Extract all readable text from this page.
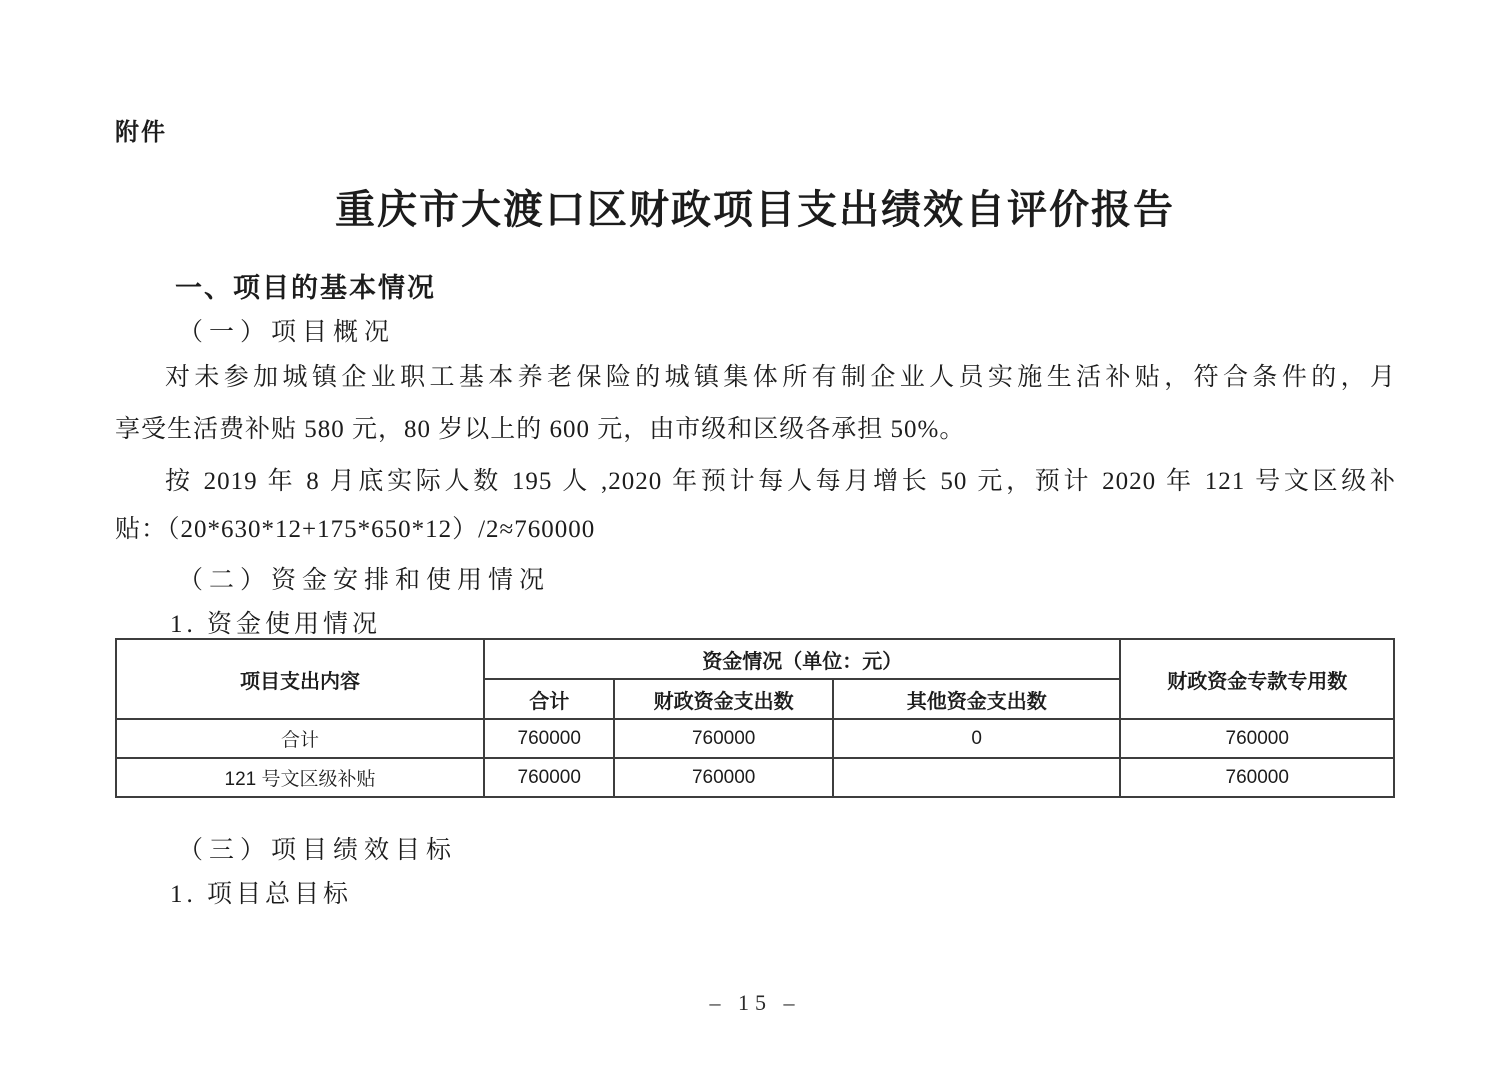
附件
重庆市大渡口区财政项目支出绩效自评价报告
一、项目的基本情况
（一）项目概况
对未参加城镇企业职工基本养老保险的城镇集体所有制企业人员实施生活补贴，符合条件的，月
享受生活费补贴 580 元，80 岁以上的 600 元，由市级和区级各承担 50%。
按 2019 年 8 月底实际人数 195 人 ,2020 年预计每人每月增长 50 元，预计 2020 年 121 号文区级补
贴：（20*630*12+175*650*12）/2≈760000
（二）资金安排和使用情况
1. 资金使用情况
项目支出内容	资金情况（单位：元）			财政资金专款专用数
	合计	财政资金支出数	其他资金支出数	
合计	760000	760000	0	760000
121 号文区级补贴	760000	760000		760000
（三）项目绩效目标
1. 项目总目标
– 15 –
